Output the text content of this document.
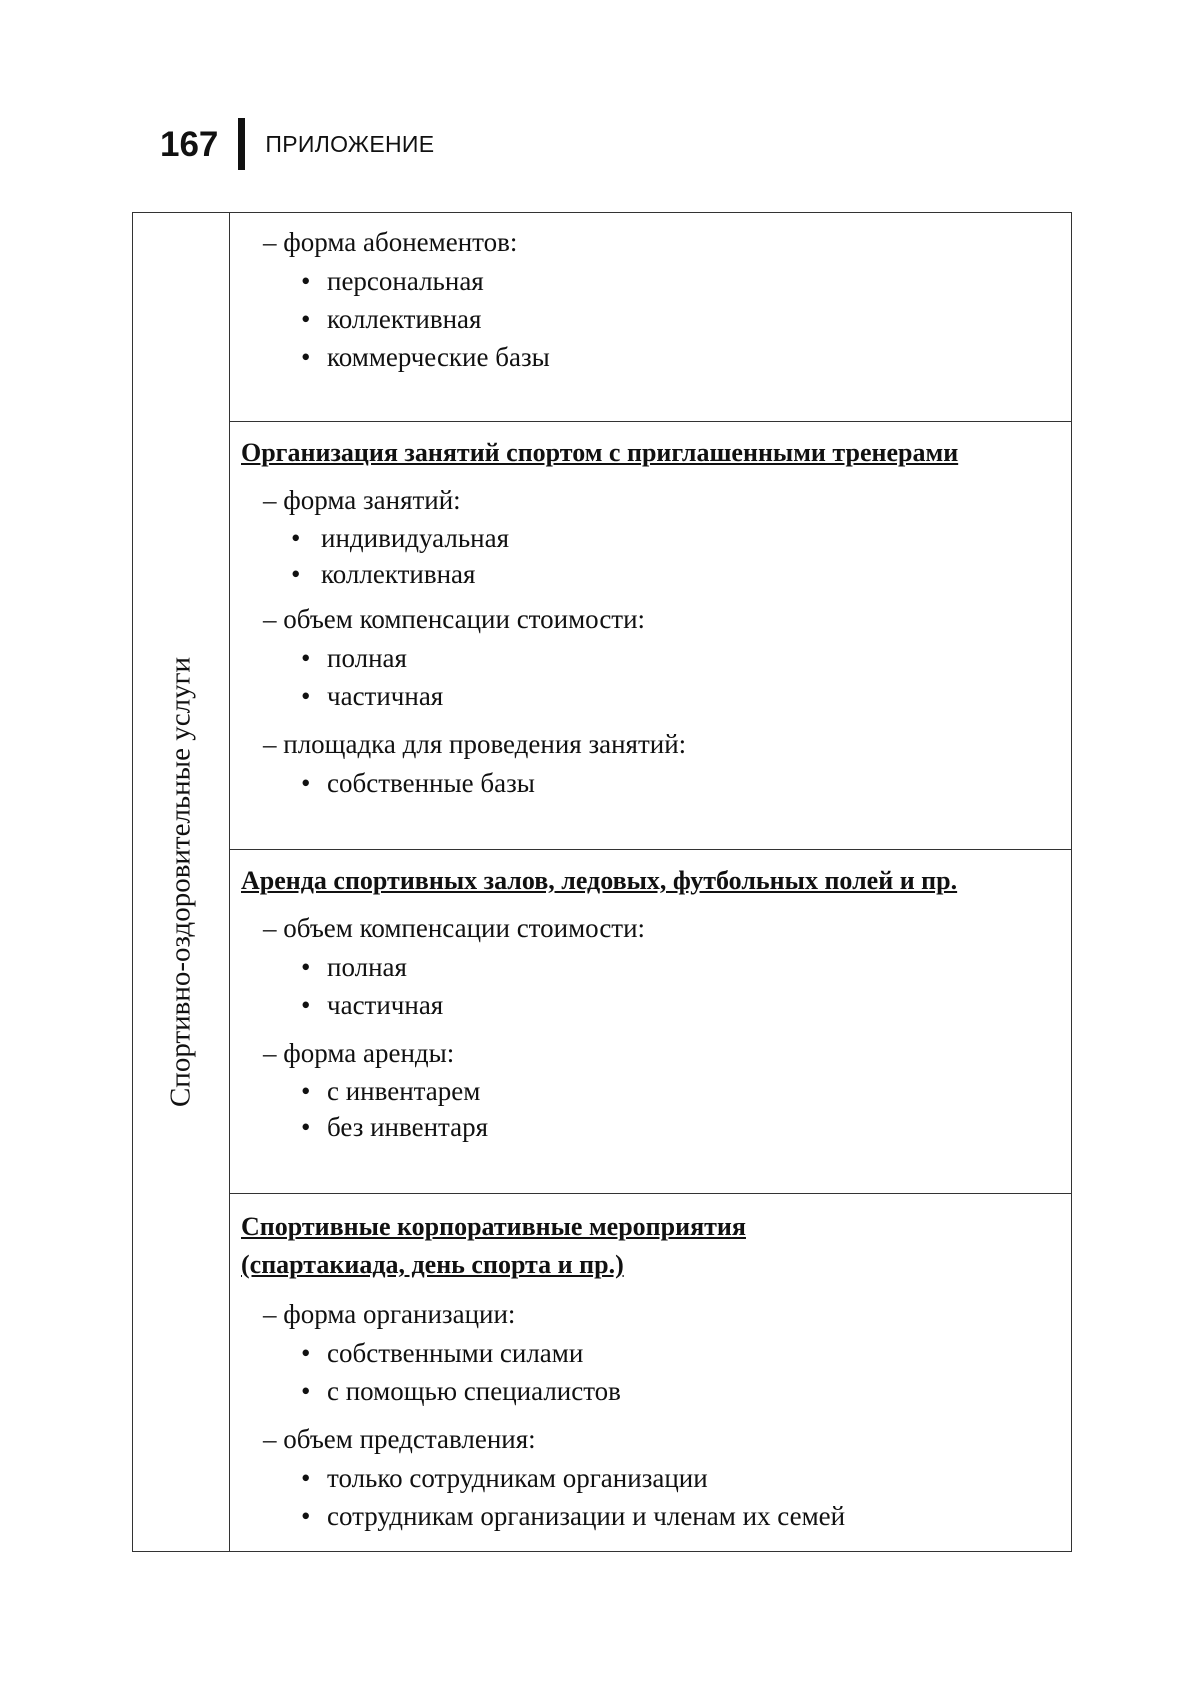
167 ПРИЛОЖЕНИЕ
Спортивно-оздоровительные услуги
– форма абонементов:
• персональная
• коллективная
• коммерческие базы
Организация занятий спортом с приглашенными тренерами
– форма занятий:
• индивидуальная
• коллективная
– объем компенсации стоимости:
• полная
• частичная
– площадка для проведения занятий:
• собственные базы
Аренда спортивных залов, ледовых, футбольных полей и пр.
– объем компенсации стоимости:
• полная
• частичная
– форма аренды:
• с инвентарем
• без инвентаря
Спортивные корпоративные мероприятия
(спартакиада, день спорта и пр.)
– форма организации:
• собственными силами
• с помощью специалистов
– объем представления:
• только сотрудникам организации
• сотрудникам организации и членам их семей
